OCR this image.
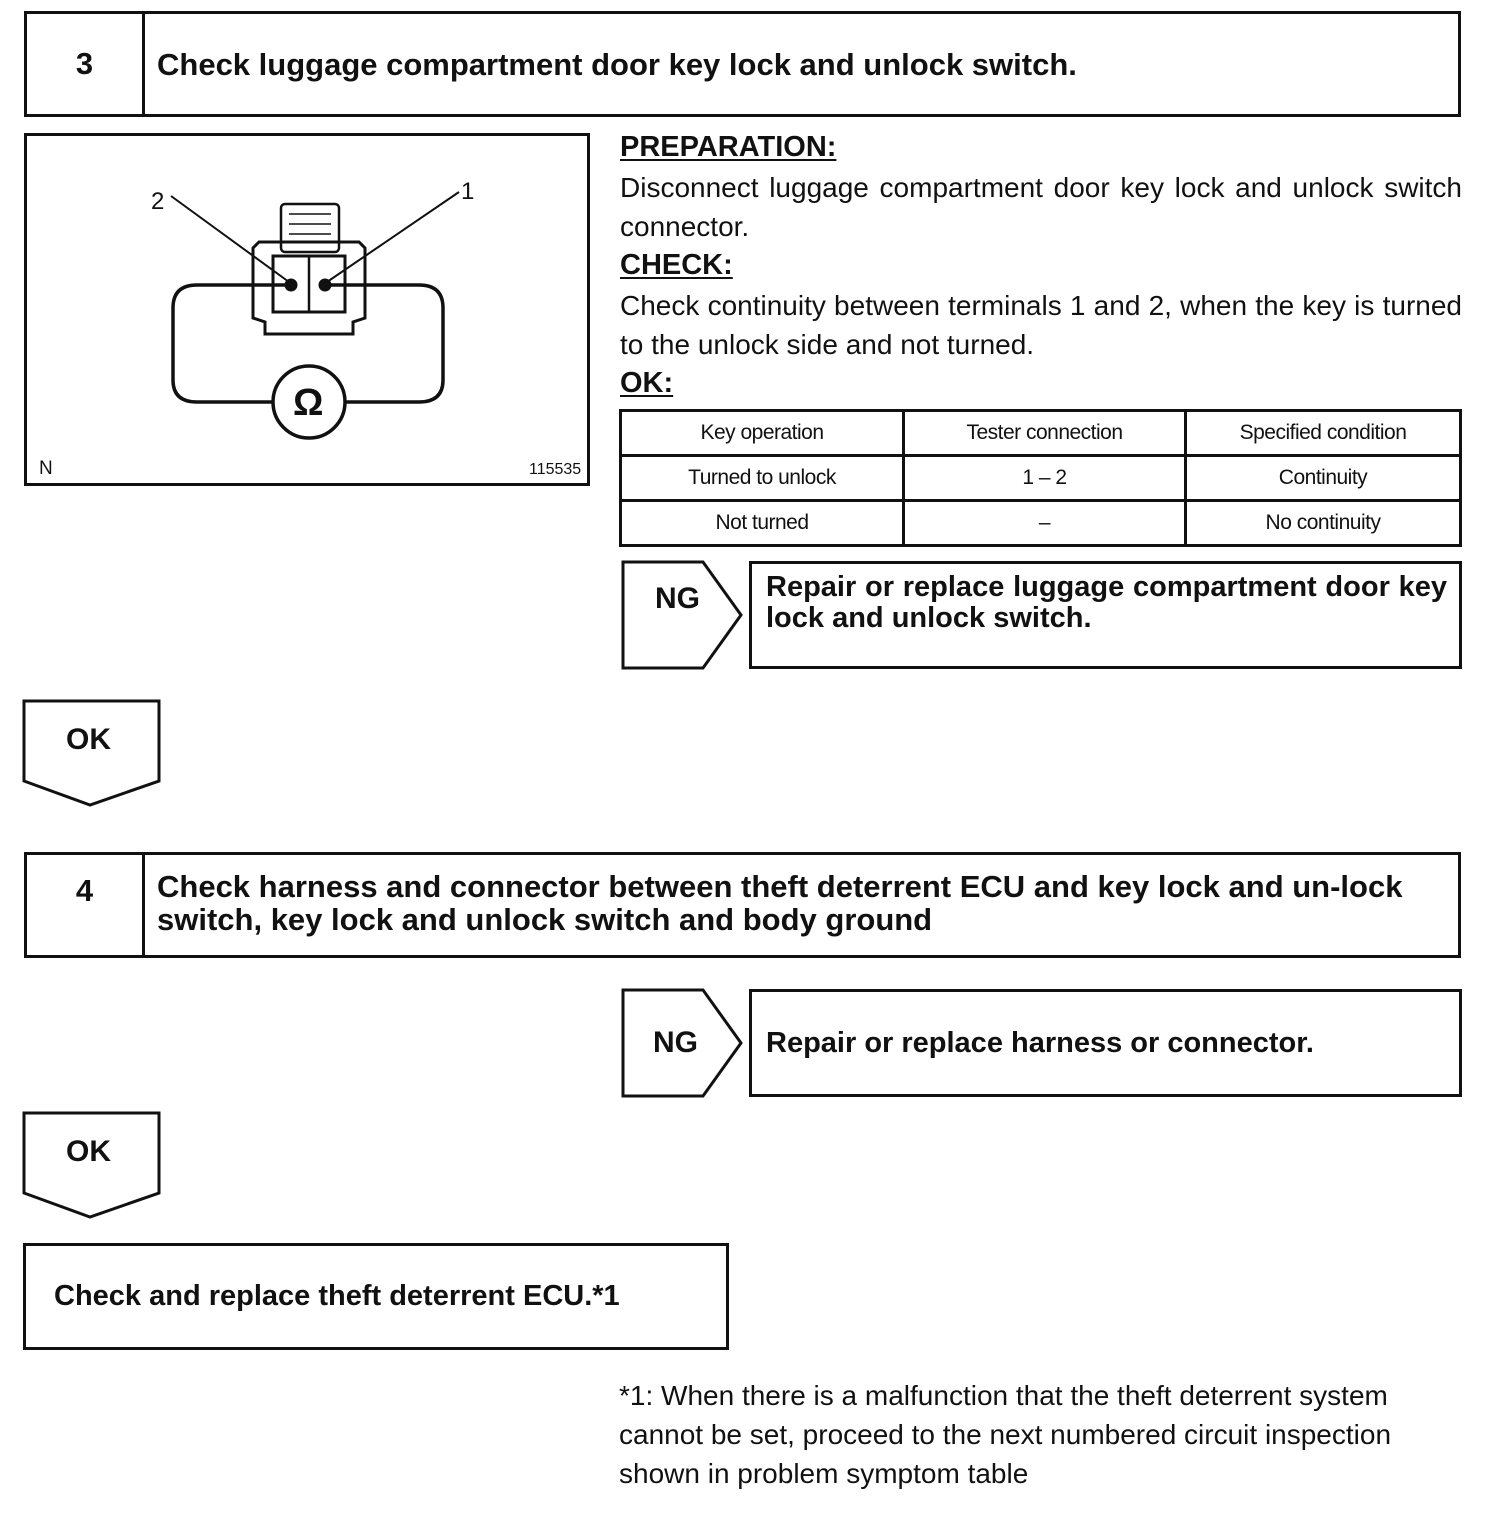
3	Check luggage compartment door key lock and unlock switch.
2	1
Ω
N	115535
PREPARATION:
Disconnect luggage compartment door key lock and unlock switch connector.
CHECK:
Check continuity between terminals 1 and 2, when the key is turned to the unlock side and not turned.
OK:
Key operation	Tester connection	Specified condition
Turned to unlock	1 – 2	Continuity
Not turned	–	No continuity
NG	Repair or replace luggage compartment door key lock and unlock switch.
OK
4	Check harness and connector between theft deterrent ECU and key lock and un-lock switch, key lock and unlock switch and body ground
NG	Repair or replace harness or connector.
OK
Check and replace theft deterrent ECU.*1
*1: When there is a malfunction that the theft deterrent system cannot be set, proceed to the next numbered circuit inspection shown in problem symptom table
